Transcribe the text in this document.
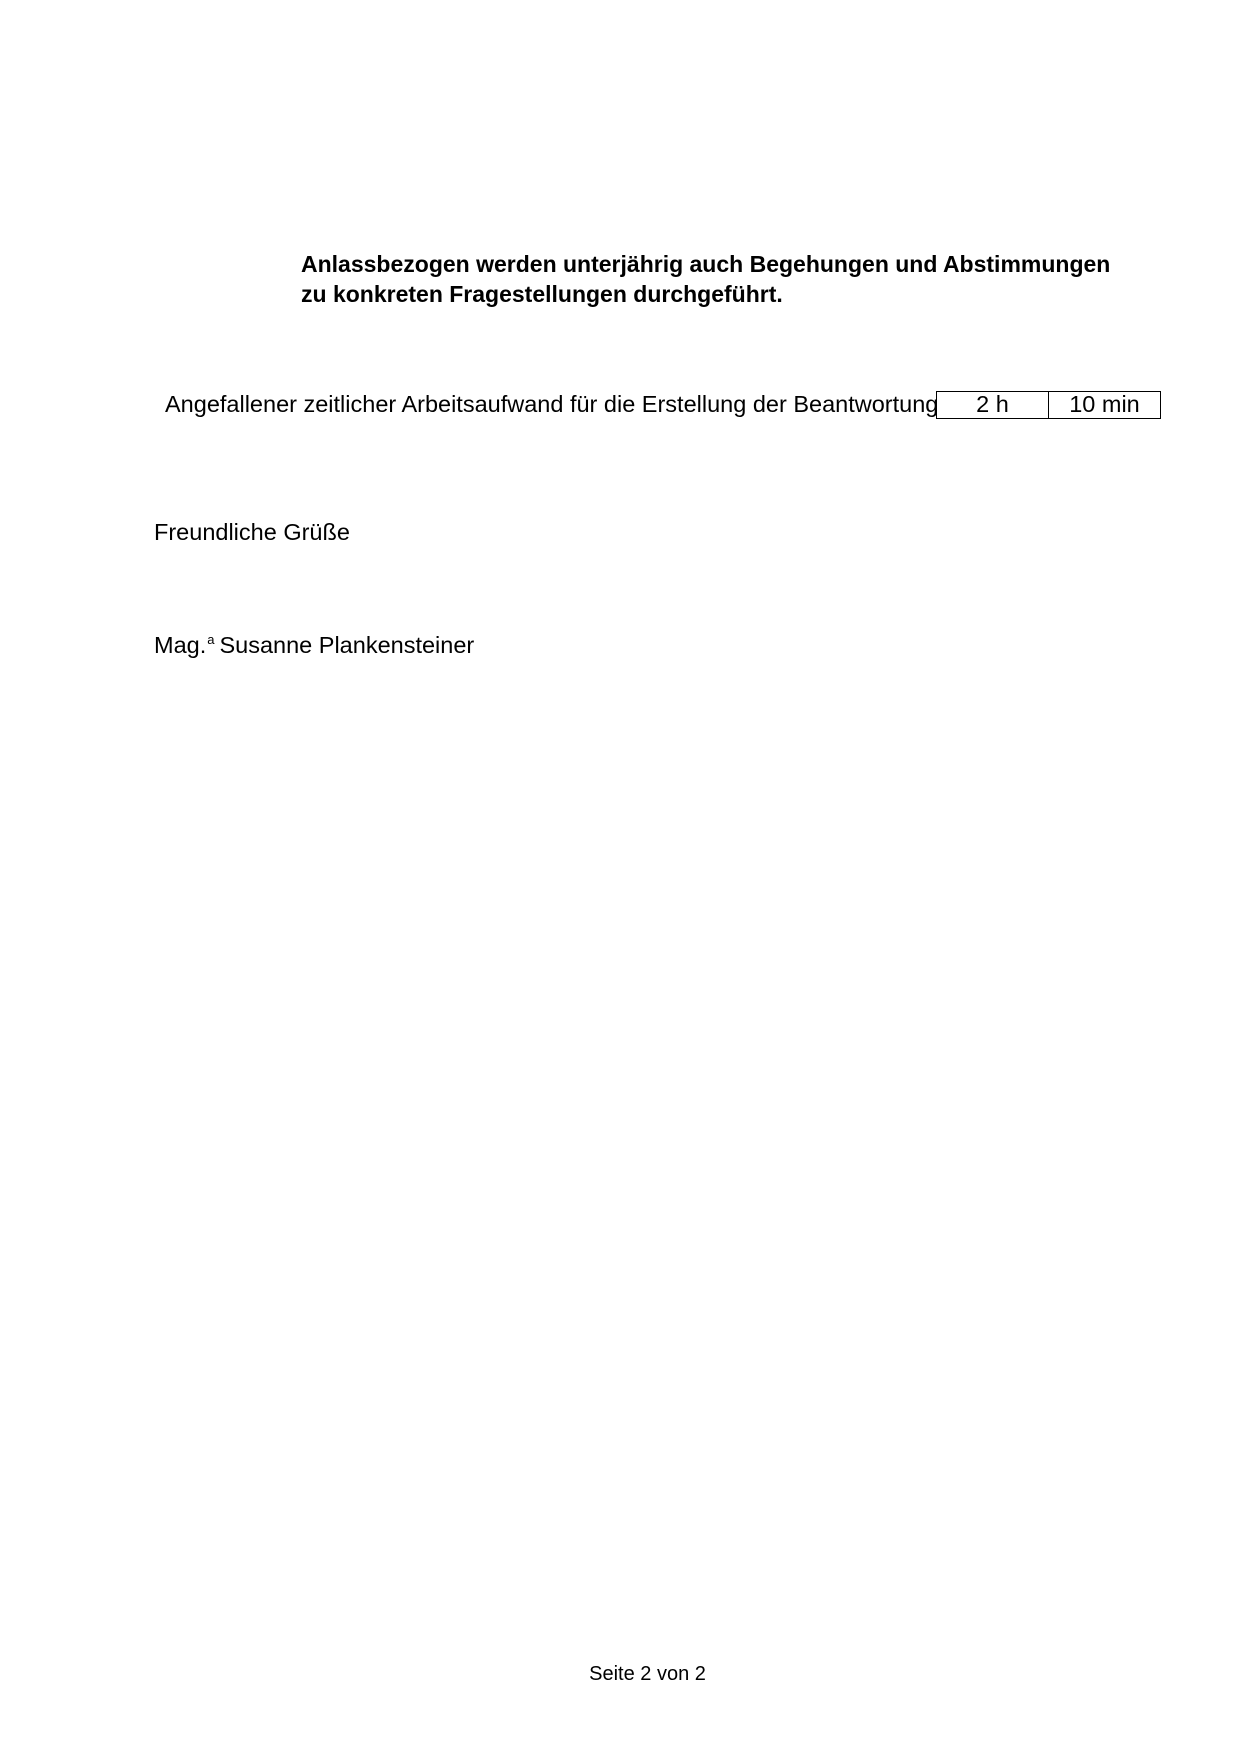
Anlassbezogen werden unterjährig auch Begehungen und Abstimmungen
zu konkreten Fragestellungen durchgeführt.
Angefallener zeitlicher Arbeitsaufwand für die Erstellung der Beantwortung	2 h	10 min
Freundliche Grüße
Mag.$^a$ Susanne Plankensteiner
Seite 2 von 2
